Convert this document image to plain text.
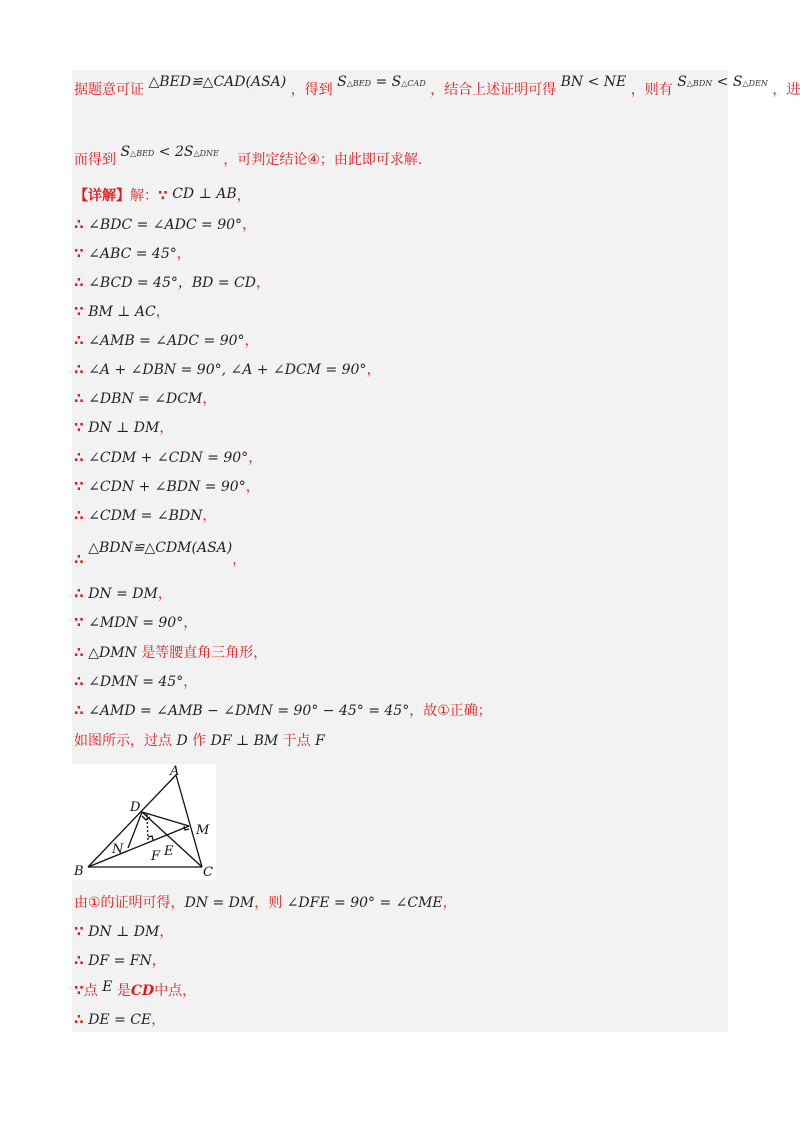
据题意可证 △BED≌△CAD(ASA) ，得到 S△BED = S△CAD ，结合上述证明可得 BN < NE ，则有 S△BDN < S△DEN ，进
而得到 S△BED < 2S△DNE ，可判定结论④；由此即可求解.
【详解】解：∵ CD ⊥ AB，
∴ ∠BDC = ∠ADC = 90°，
∵ ∠ABC = 45°，
∴ ∠BCD = 45°，BD = CD，
∵ BM ⊥ AC，
∴ ∠AMB = ∠ADC = 90°，
∴ ∠A + ∠DBN = 90°, ∠A + ∠DCM = 90°，
∴ ∠DBN = ∠DCM，
∵ DN ⊥ DM，
∴ ∠CDM + ∠CDN = 90°，
∵ ∠CDN + ∠BDN = 90°，
∴ ∠CDM = ∠BDN，
∴ △BDN≌△CDM(ASA)，
∴ DN = DM，
∵ ∠MDN = 90°，
∴ △DMN 是等腰直角三角形，
∴ ∠DMN = 45°，
∴ ∠AMD = ∠AMB − ∠DMN = 90° − 45° = 45°，故①正确；
如图所示，过点 D 作 DF ⊥ BM 于点 F
A
B	C
D
M
N	E
F
由①的证明可得，DN = DM，则 ∠DFE = 90° = ∠CME，
∵ DN ⊥ DM，
∴ DF = FN，
∵点 E 是CD中点，
∴ DE = CE，
